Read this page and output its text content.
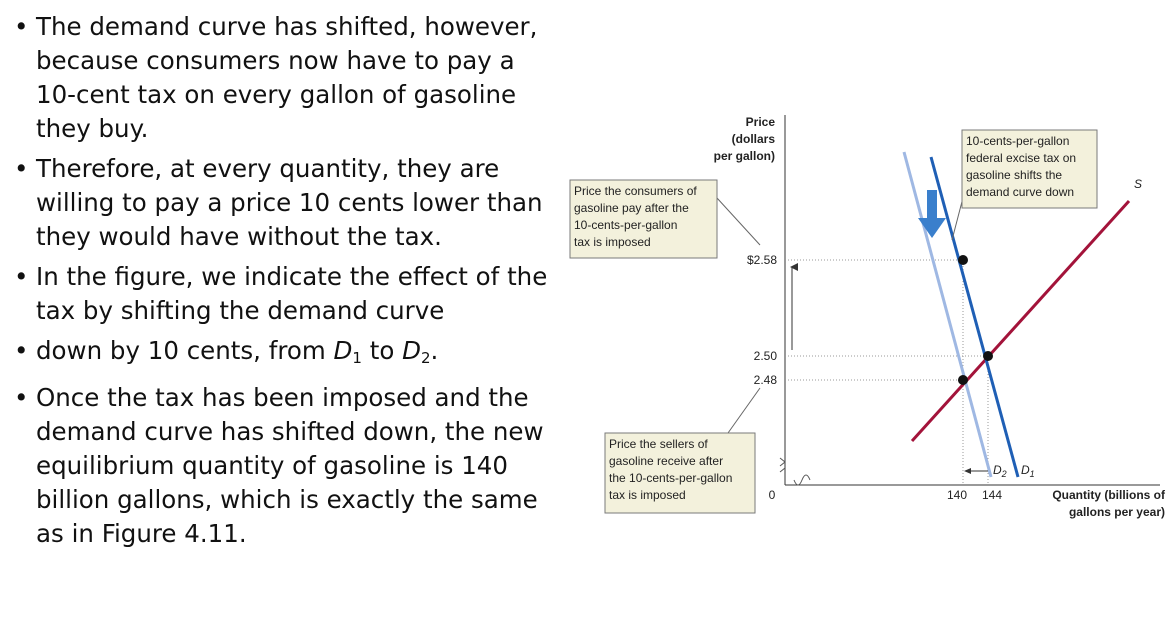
• The demand curve has shifted, however, because consumers now have to pay a 10-cent tax on every gallon of gasoline they buy.
• Therefore, at every quantity, they are willing to pay a price 10 cents lower than they would have without the tax.
• In the figure, we indicate the effect of the tax by shifting the demand curve
• down by 10 cents, from $D_1$ to $D_2$.
• Once the tax has been imposed and the demand curve has shifted down, the new equilibrium quantity of gasoline is 140 billion gallons, which is exactly the same as in Figure 4.11.
Price
(dollars
per gallon)
$2.58
2.50
2.48
140 144
0	Quantity (billions of
gallons per year)
S
$D_2$ $D_1$
Price the consumers of
gasoline pay after the
10-cents-per-gallon
tax is imposed
Price the sellers of
gasoline receive after
the 10-cents-per-gallon
tax is imposed
10-cents-per-gallon
federal excise tax on
gasoline shifts the
demand curve down
